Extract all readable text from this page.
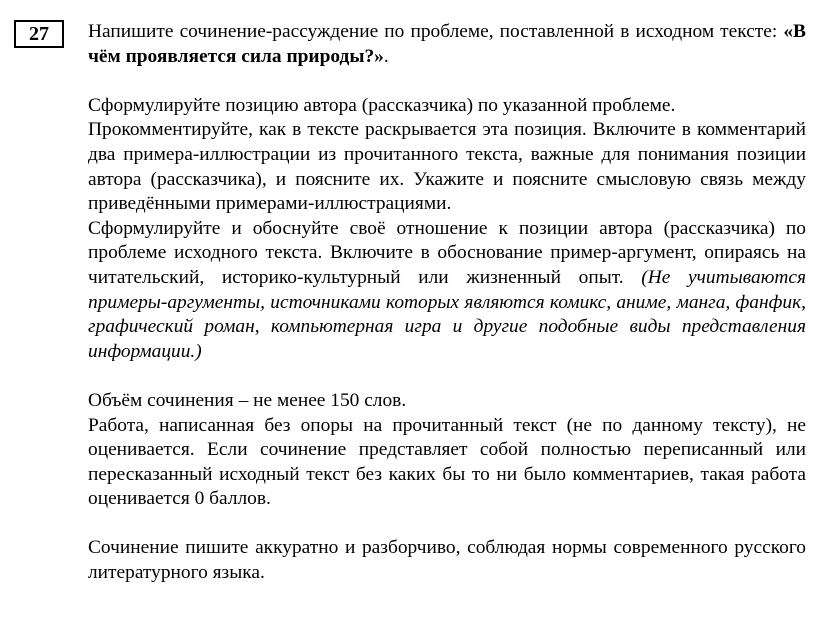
27 Напишите сочинение-рассуждение по проблеме, поставленной в исходном тексте: «В чём проявляется сила природы?».

Сформулируйте позицию автора (рассказчика) по указанной проблеме.

Прокомментируйте, как в тексте раскрывается эта позиция. Включите в комментарий два примера-иллюстрации из прочитанного текста, важные для понимания позиции автора (рассказчика), и поясните их. Укажите и поясните смысловую связь между приведёнными примерами-иллюстрациями.

Сформулируйте и обоснуйте своё отношение к позиции автора (рассказчика) по проблеме исходного текста. Включите в обоснование пример-аргумент, опираясь на читательский, историко-культурный или жизненный опыт. (Не учитываются примеры-аргументы, источниками которых являются комикс, аниме, манга, фанфик, графический роман, компьютерная игра и другие подобные виды представления информации.)

Объём сочинения – не менее 150 слов.

Работа, написанная без опоры на прочитанный текст (не по данному тексту), не оценивается. Если сочинение представляет собой полностью переписанный или пересказанный исходный текст без каких бы то ни было комментариев, такая работа оценивается 0 баллов.

Сочинение пишите аккуратно и разборчиво, соблюдая нормы современного русского литературного языка.
